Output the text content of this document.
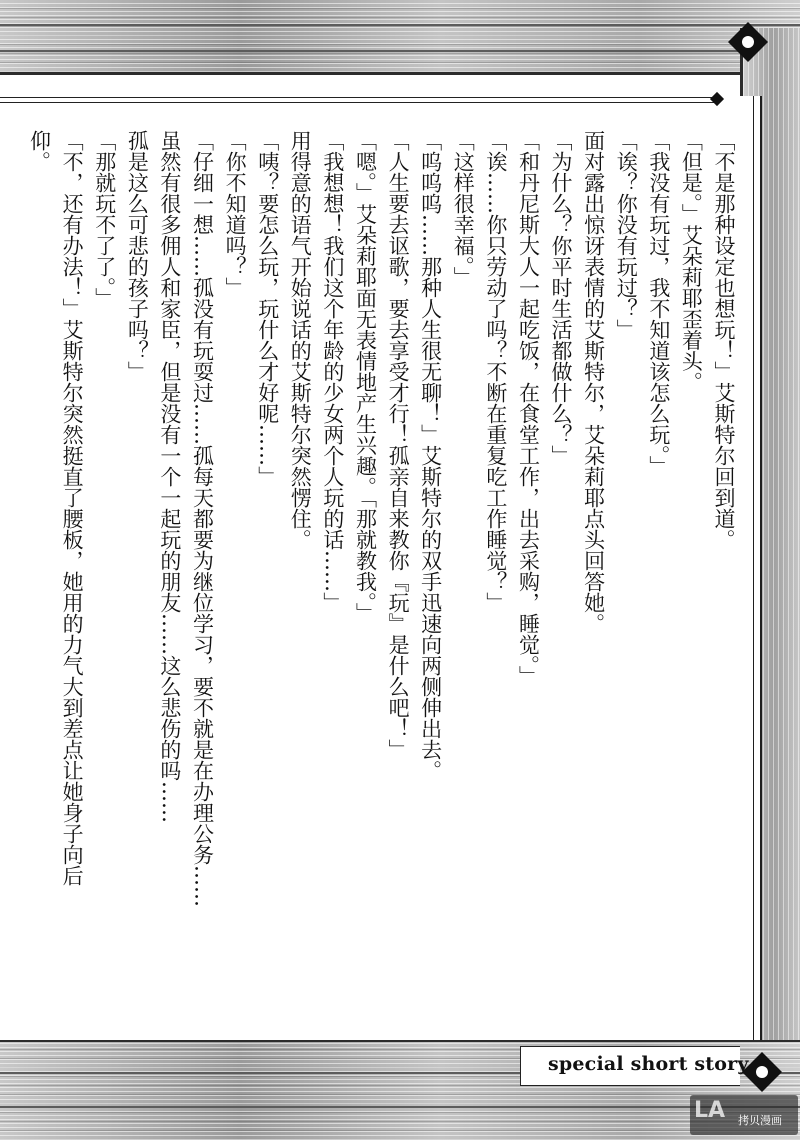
「不是那种设定也想玩！」艾斯特尔回到道。

「但是。」艾朵莉耶歪着头。

「我没有玩过，我不知道该怎么玩。」

「诶？你没有玩过？」

面对露出惊讶表情的艾斯特尔，艾朵莉耶点头回答她。

「为什么？你平时生活都做什么？」

「和丹尼斯大人一起吃饭，在食堂工作，出去采购，睡觉。」

「诶……你只劳动了吗？不断在重复吃工作睡觉？」

「这样很幸福。」

「呜呜呜……那种人生很无聊！」艾斯特尔的双手迅速向两侧伸出去。

「人生要去讴歌，要去享受才行！孤亲自来教你『玩』是什么吧！」

「嗯。」艾朵莉耶面无表情地产生兴趣。「那就教我。」

「我想想！我们这个年龄的少女两个人玩的话……」

用得意的语气开始说话的艾斯特尔突然愣住。

「咦？要怎么玩，玩什么才好呢……」

「你不知道吗？」

「仔细一想……孤没有玩耍过……孤每天都要为继位学习，要不就是在办理公务……

虽然有很多佣人和家臣，但是没有一个一起玩的朋友……这么悲伤的吗……

孤是这么可悲的孩子吗？」

「那就玩不了了。」

「不，还有办法！」艾斯特尔突然挺直了腰板，她用的力气大到差点让她身子向后仰。

special short story
LA 拷贝漫画
